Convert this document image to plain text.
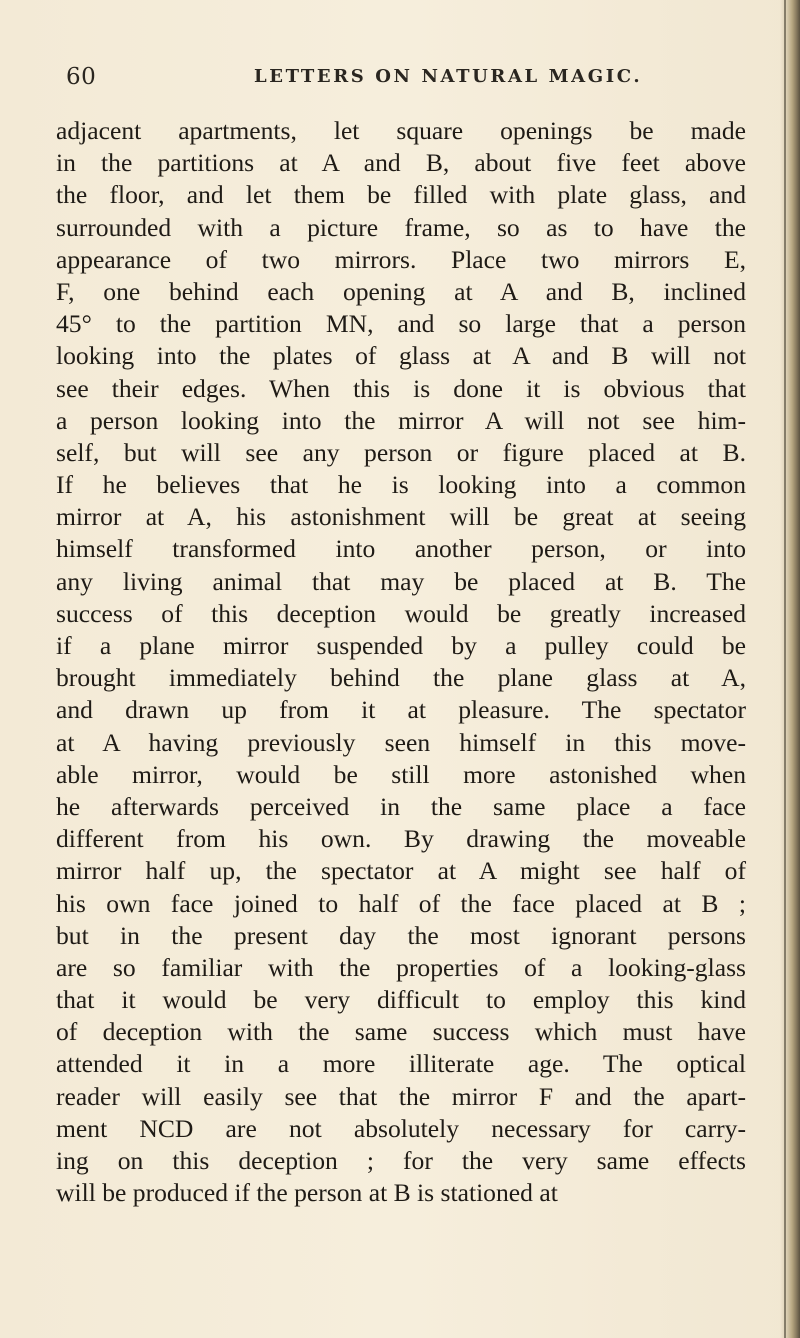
60	LETTERS ON NATURAL MAGIC.
adjacent apartments, let square openings be made
in the partitions at A and B, about five feet above
the floor, and let them be filled with plate glass, and
surrounded with a picture frame, so as to have the
appearance of two mirrors. Place two mirrors E,
F, one behind each opening at A and B, inclined
45° to the partition MN, and so large that a person
looking into the plates of glass at A and B will not
see their edges. When this is done it is obvious that
a person looking into the mirror A will not see him-
self, but will see any person or figure placed at B.
If he believes that he is looking into a common
mirror at A, his astonishment will be great at seeing
himself transformed into another person, or into
any living animal that may be placed at B. The
success of this deception would be greatly increased
if a plane mirror suspended by a pulley could be
brought immediately behind the plane glass at A,
and drawn up from it at pleasure. The spectator
at A having previously seen himself in this move-
able mirror, would be still more astonished when
he afterwards perceived in the same place a face
different from his own. By drawing the moveable
mirror half up, the spectator at A might see half of
his own face joined to half of the face placed at B ;
but in the present day the most ignorant persons
are so familiar with the properties of a looking-glass
that it would be very difficult to employ this kind
of deception with the same success which must have
attended it in a more illiterate age. The optical
reader will easily see that the mirror F and the apart-
ment NCD are not absolutely necessary for carry-
ing on this deception ; for the very same effects
will be produced if the person at B is stationed at
